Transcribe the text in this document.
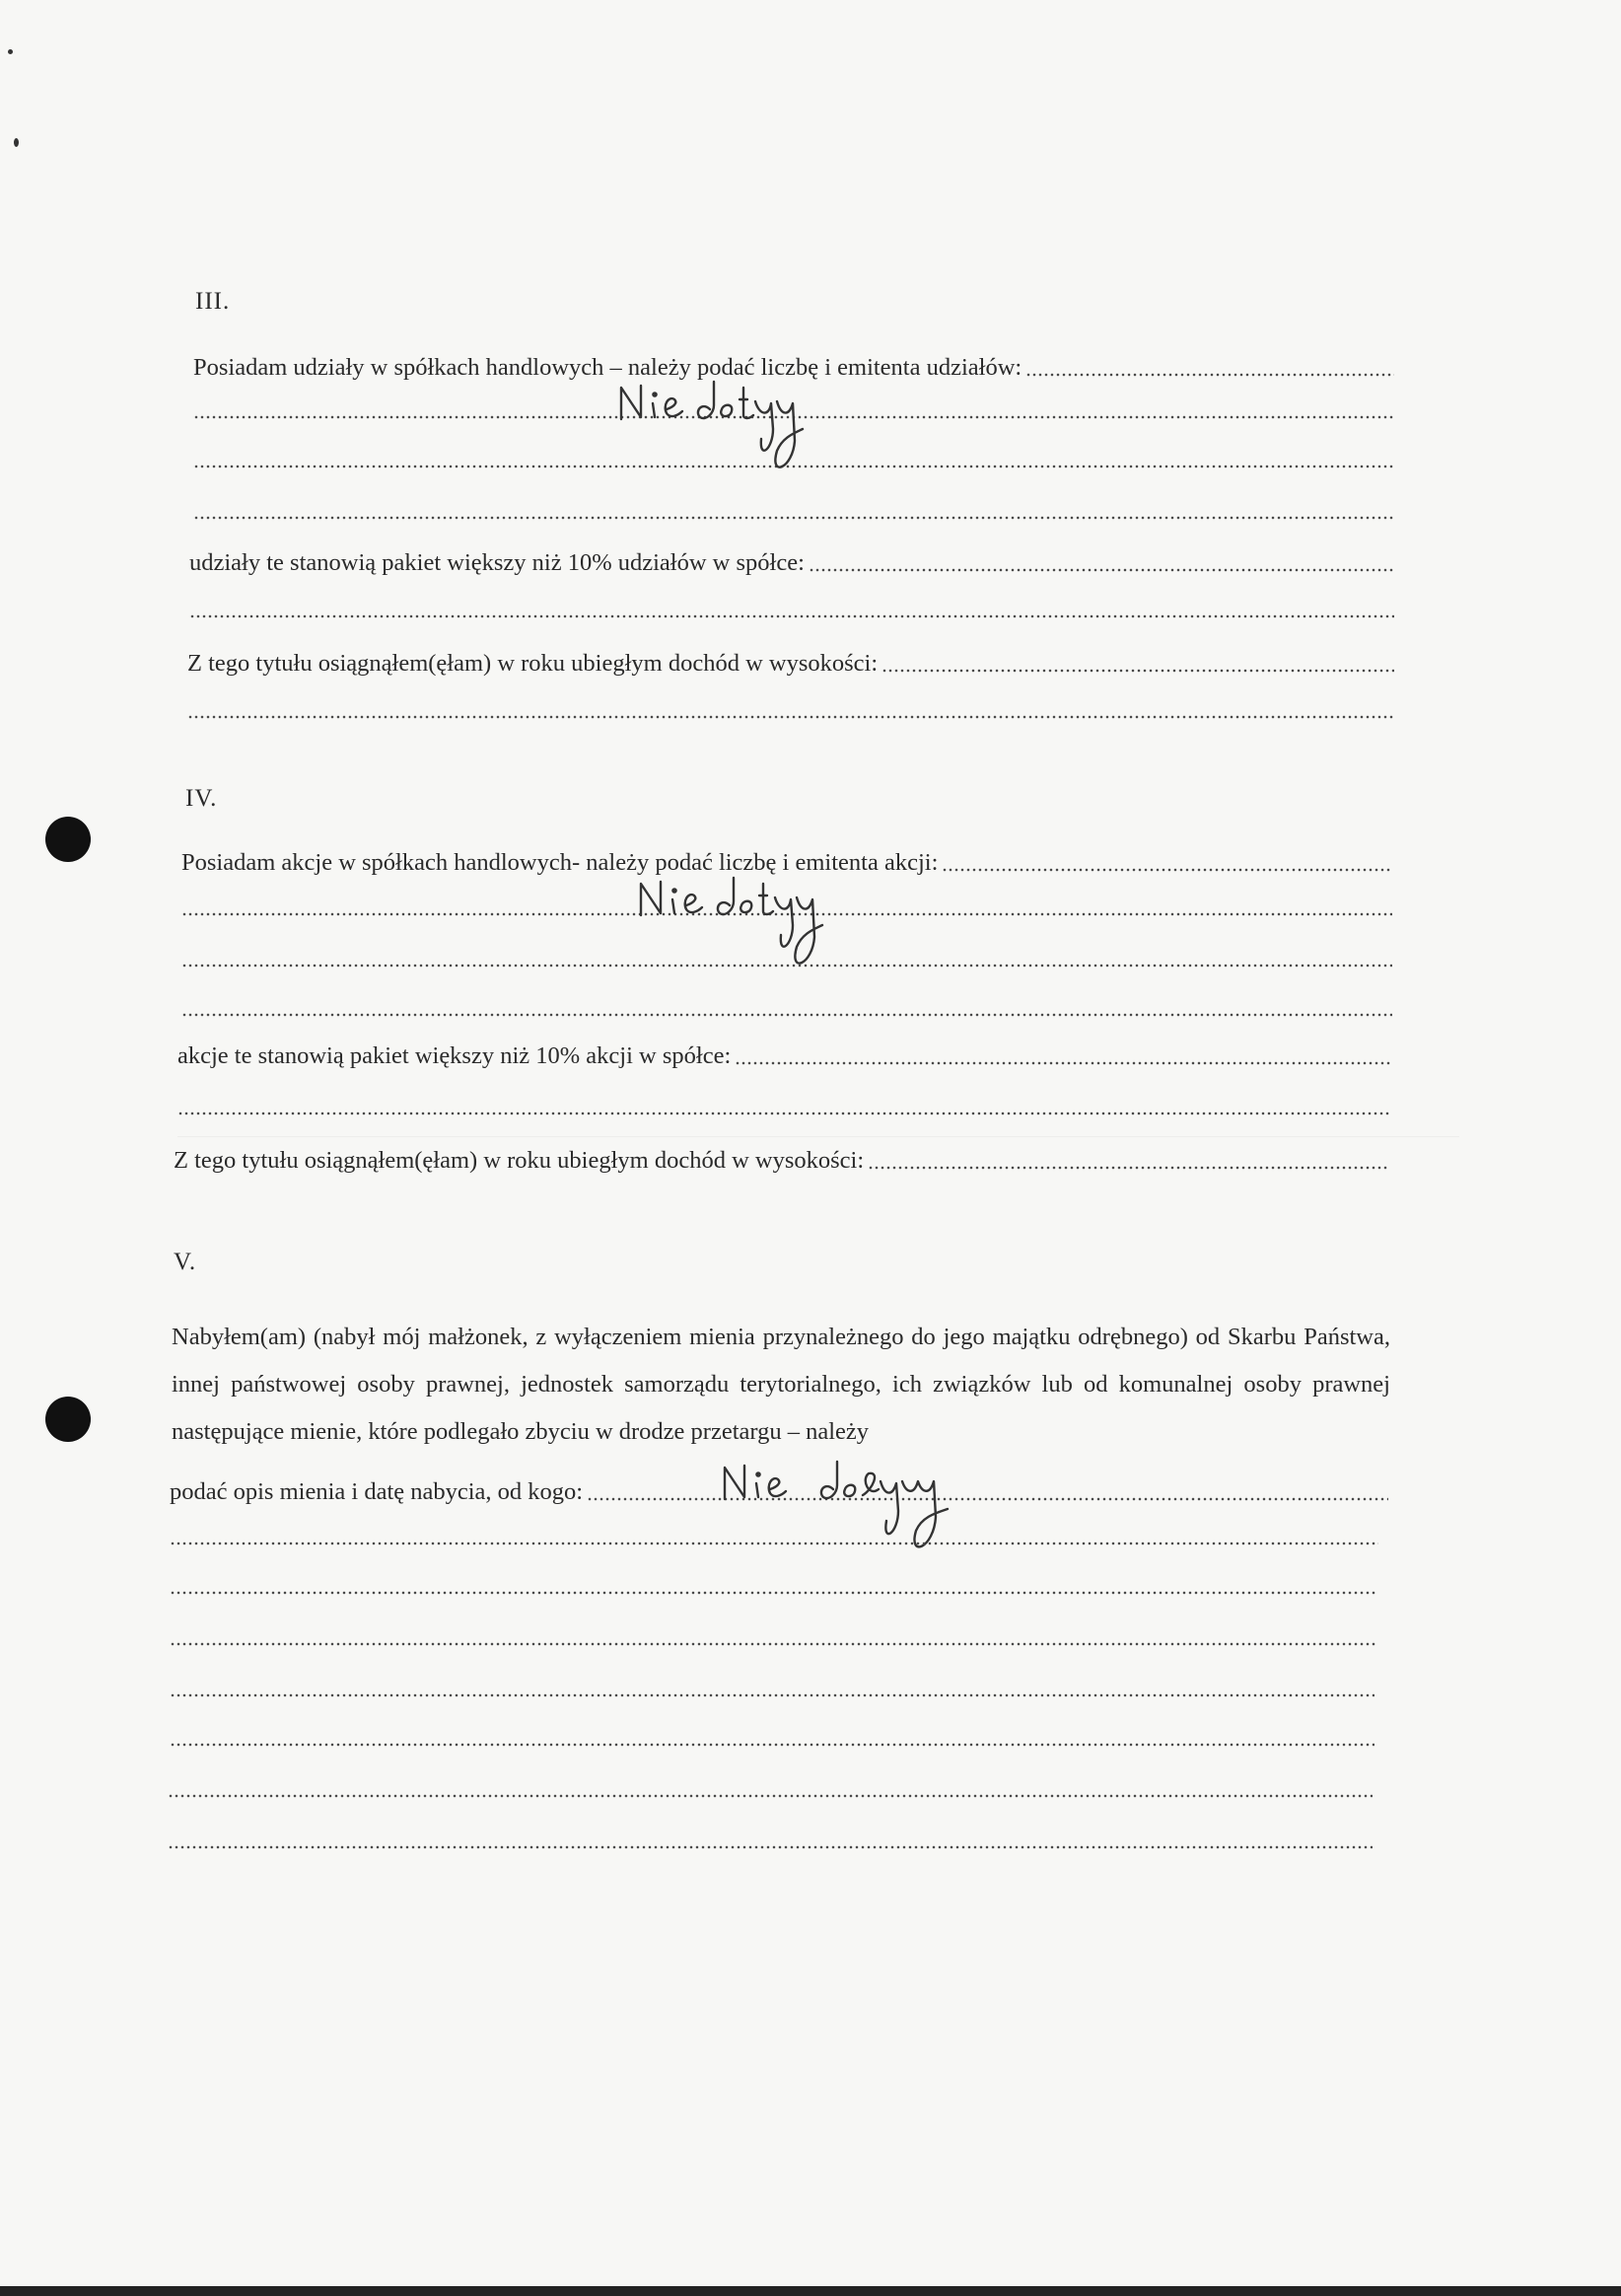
III.
Posiadam udziały w spółkach handlowych – należy podać liczbę i emitenta udziałów:
udziały te stanowią pakiet większy niż 10% udziałów w spółce:
Z tego tytułu osiągnąłem(ęłam) w roku ubiegłym dochód w wysokości:
IV.
Posiadam akcje w spółkach handlowych- należy podać liczbę i emitenta akcji:
akcje te stanowią pakiet większy niż 10% akcji w spółce:
Z tego tytułu osiągnąłem(ęłam) w roku ubiegłym dochód w wysokości:
V.
Nabyłem(am) (nabył mój małżonek, z wyłączeniem mienia przynależnego do jego majątku odrębnego) od Skarbu Państwa, innej państwowej osoby prawnej, jednostek samorządu terytorialnego, ich związków lub od komunalnej osoby prawnej następujące mienie, które podlegało zbyciu w drodze przetargu – należy
podać opis mienia i datę nabycia, od kogo:
